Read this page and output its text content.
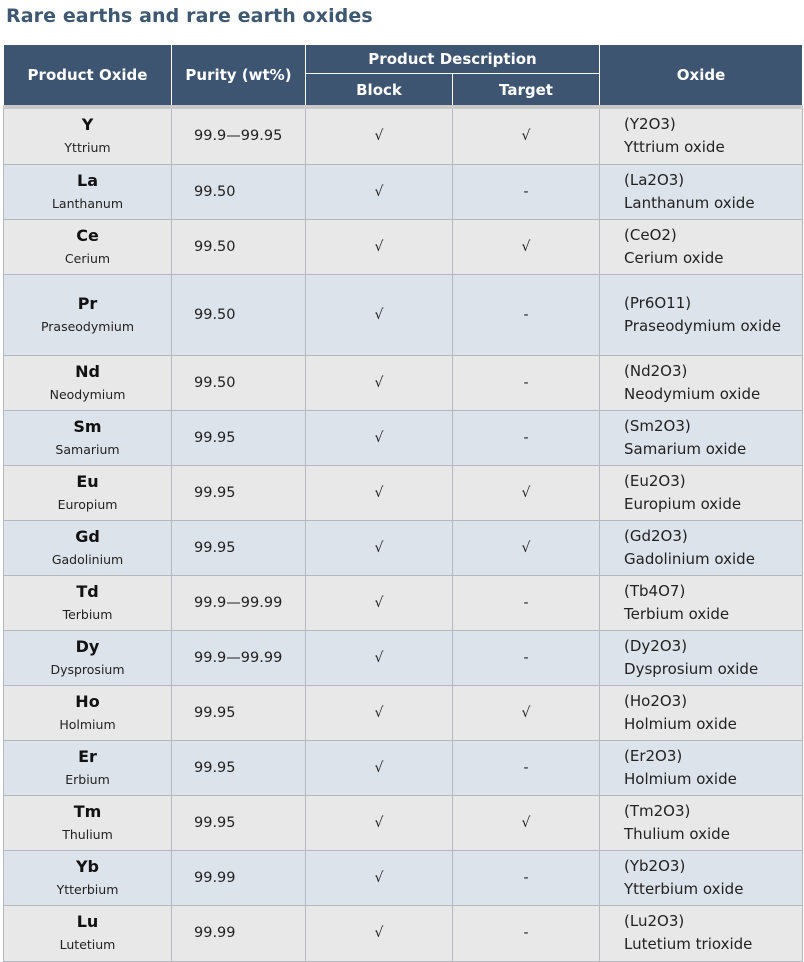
Rare earths and rare earth oxides
Product Oxide	Purity (wt%)	Product Description		Oxide
		Block	Target	

Y
Yttrium	99.9—99.95	√	√	(Y2O3)
Yttrium oxide

La
Lanthanum	99.50	√	-	(La2O3)
Lanthanum oxide

Ce
Cerium	99.50	√	√	(CeO2)
Cerium oxide

Pr
Praseodymium	99.50	√	-	(Pr6O11)
Praseodymium oxide

Nd
Neodymium	99.50	√	-	(Nd2O3)
Neodymium oxide

Sm
Samarium	99.95	√	-	(Sm2O3)
Samarium oxide

Eu
Europium	99.95	√	√	(Eu2O3)
Europium oxide

Gd
Gadolinium	99.95	√	√	(Gd2O3)
Gadolinium oxide

Td
Terbium	99.9—99.99	√	-	(Tb4O7)
Terbium oxide

Dy
Dysprosium	99.9—99.99	√	-	(Dy2O3)
Dysprosium oxide

Ho
Holmium	99.95	√	√	(Ho2O3)
Holmium oxide

Er
Erbium	99.95	√	-	(Er2O3)
Holmium oxide

Tm
Thulium	99.95	√	√	(Tm2O3)
Thulium oxide

Yb
Ytterbium	99.99	√	-	(Yb2O3)
Ytterbium oxide

Lu
Lutetium	99.99	√	-	(Lu2O3)
Lutetium trioxide
